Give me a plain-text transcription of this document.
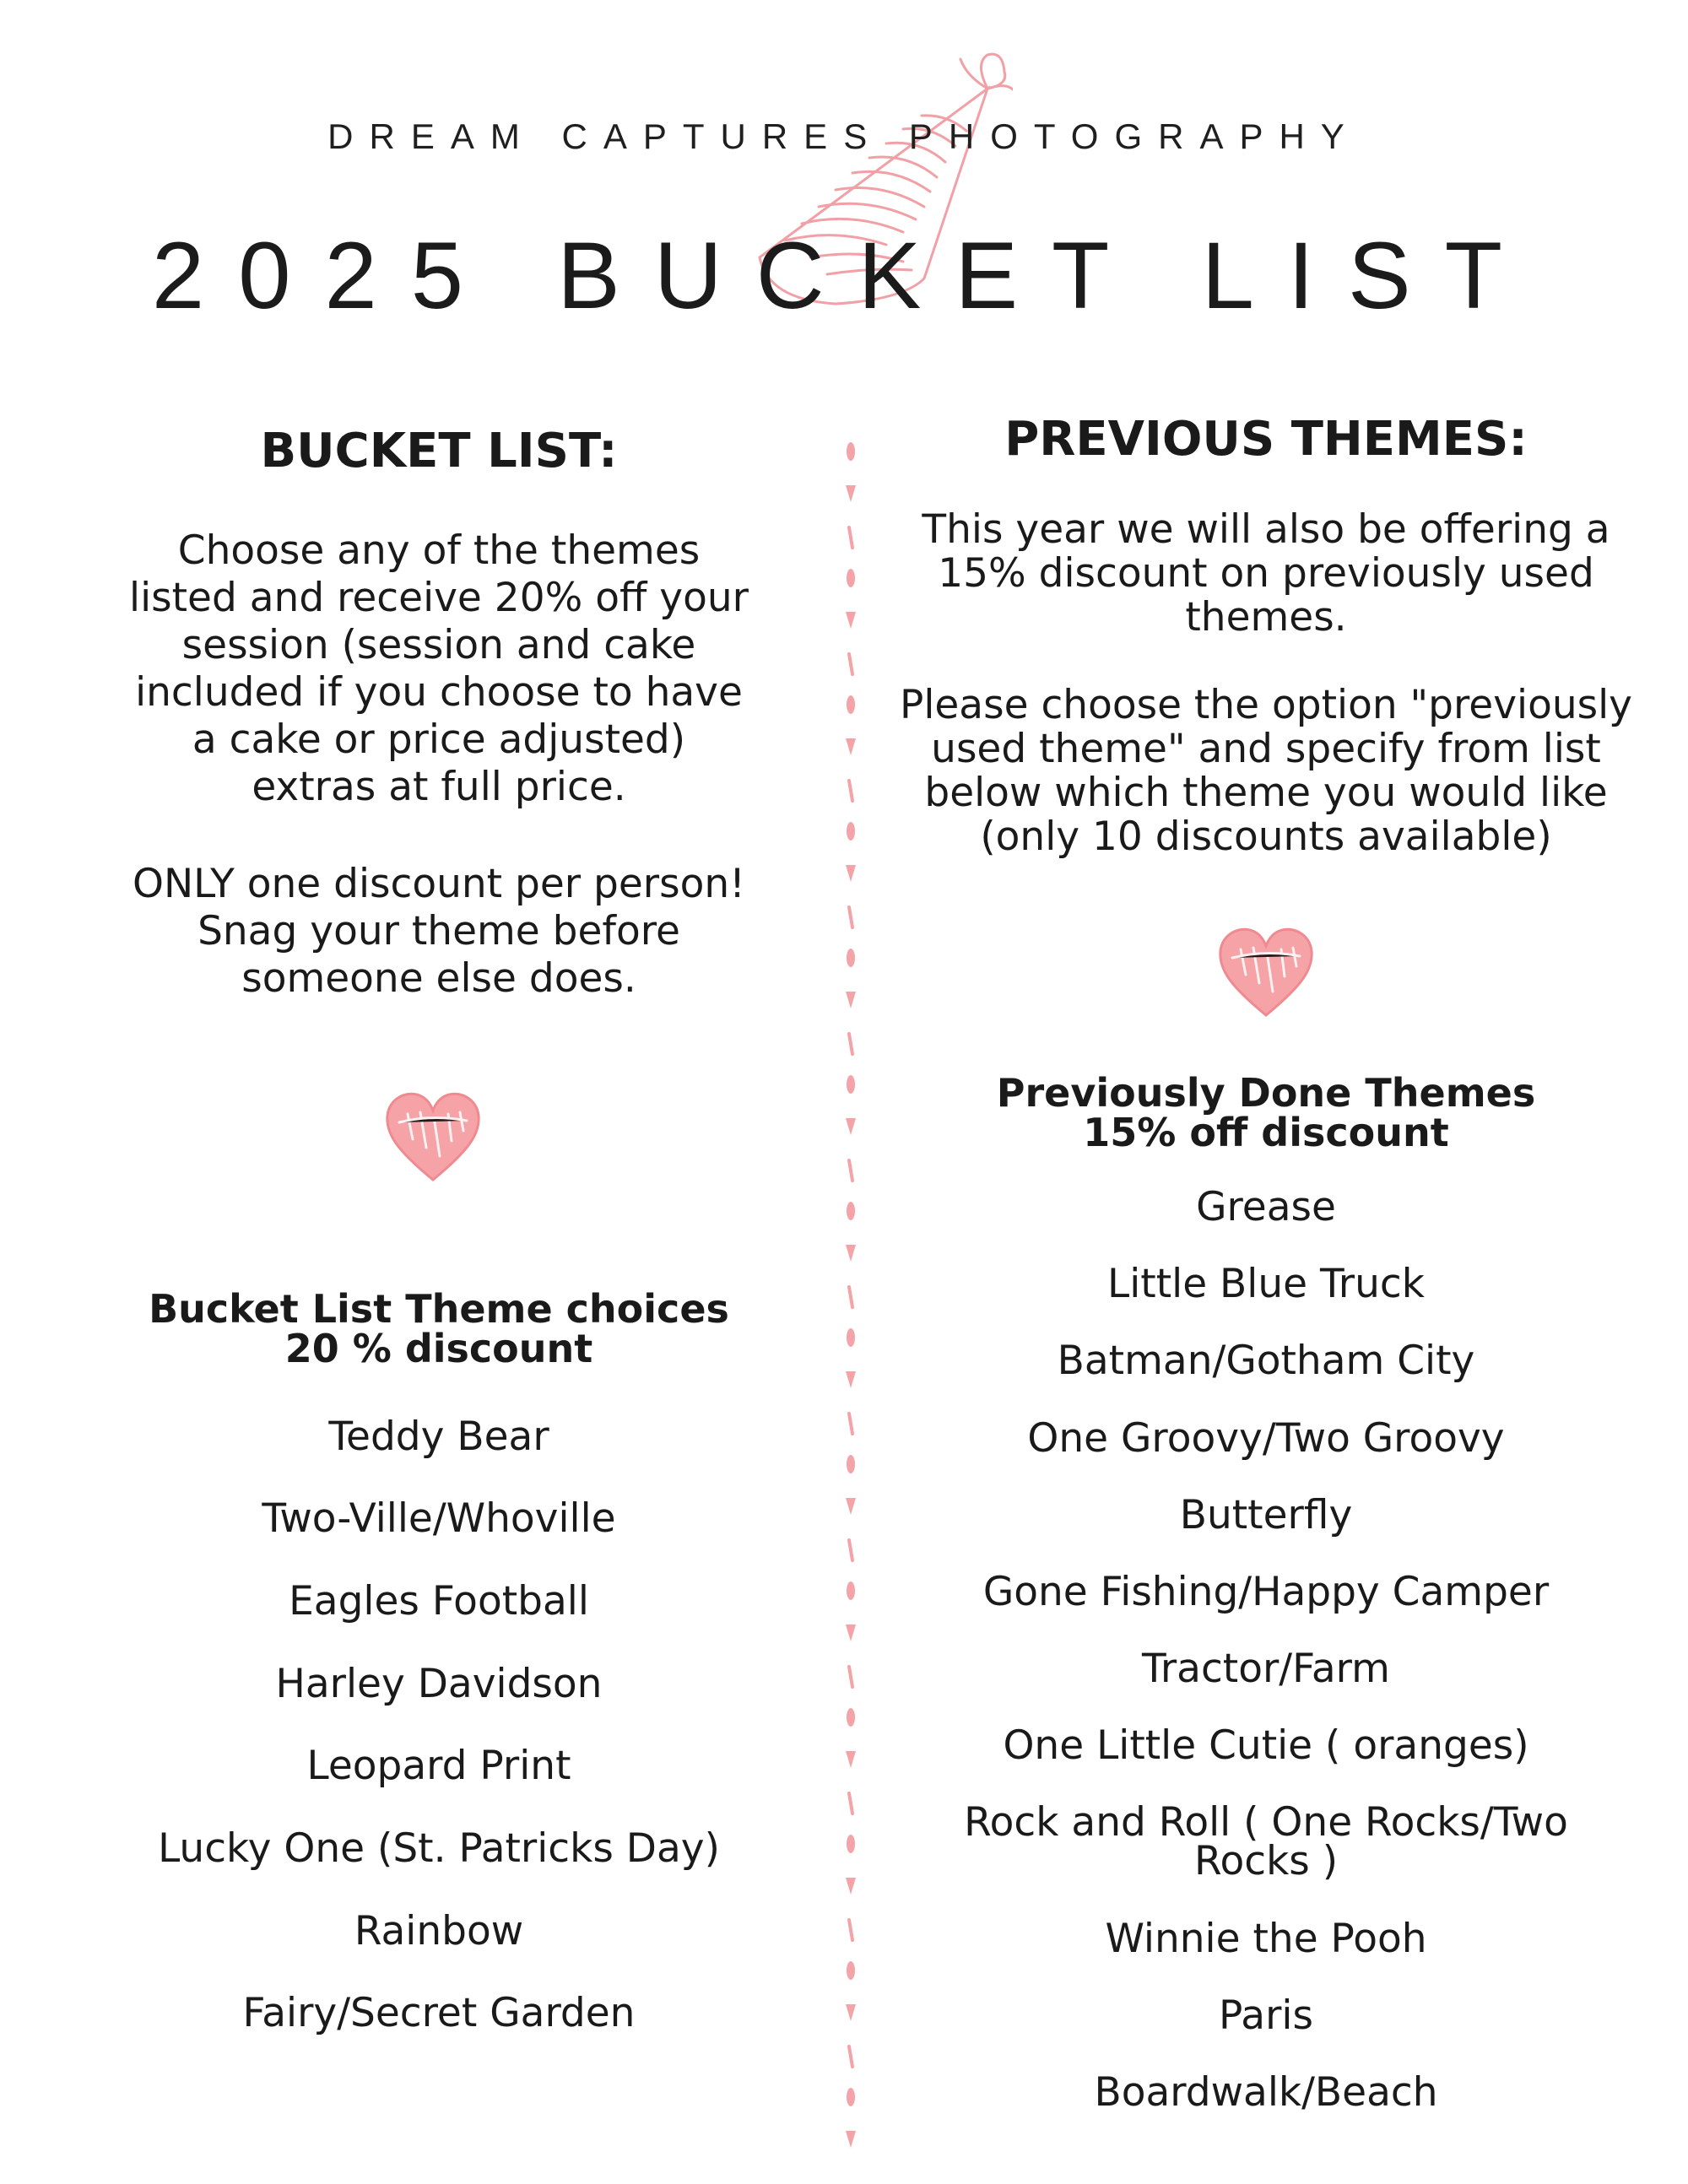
DREAM CAPTURES PHOTOGRAPHY
2025 BUCKET LIST
BUCKET LIST:
Choose any of the themes
listed and receive 20% off your
session (session and cake
included if you choose to have
a cake or price adjusted)
extras at full price.
ONLY one discount per person!
Snag your theme before
someone else does.
Bucket List Theme choices
20 % discount
Teddy Bear
Two-Ville/Whoville
Eagles Football
Harley Davidson
Leopard Print
Lucky One (St. Patricks Day)
Rainbow
Fairy/Secret Garden
PREVIOUS THEMES:
This year we will also be offering a
15% discount on previously used
themes.
Please choose the option "previously
used theme" and specify from list
below which theme you would like
(only 10 discounts available)
Previously Done Themes
15% off discount
Grease
Little Blue Truck
Batman/Gotham City
One Groovy/Two Groovy
Butterfly
Gone Fishing/Happy Camper
Tractor/Farm
One Little Cutie ( oranges)
Rock and Roll ( One Rocks/Two
Rocks )
Winnie the Pooh
Paris
Boardwalk/Beach
